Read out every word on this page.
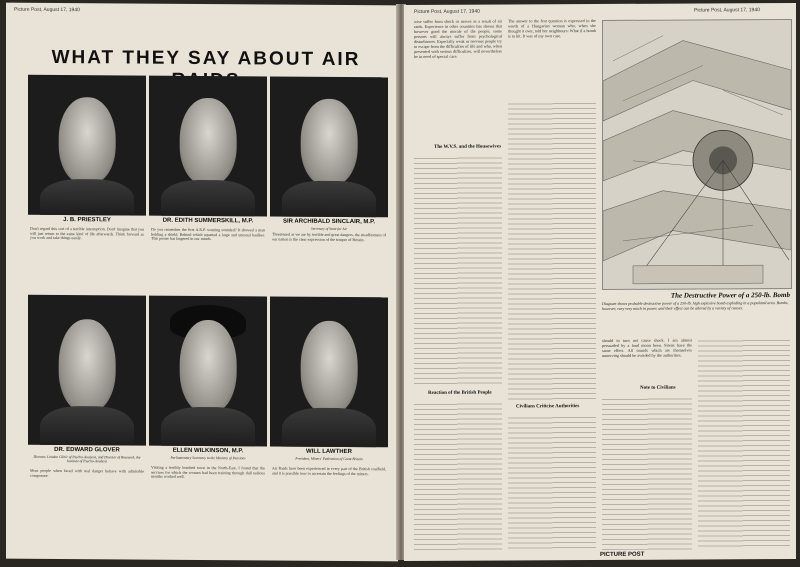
Picture Post, August 17, 1940
WHAT THEY SAY ABOUT AIR
J. B. PRIESTLEY	DR. EDITH SUMMERSKILL, M.P.	SIR ARCHIBALD SINCLAIR, M.P.
Secretary of State for Air
Don't regard this sort of a terrible interruption. Don't imagine that you will just return to the same kind of life afterwards. Think forward as you work and take things easily.
Do you remember the first A.R.P. warning sounded? It showed a man holding a shield. Behind which squatted a large and unusual baulker. This poster has lingered in our minds.
Threatened as we are by terrible and great dangers, the steadfastness of our nation is the clear expression of the temper of Britain.
DR. EDWARD GLOVER	ELLEN WILKINSON, M.P.	WILL LAWTHER
Director, London Clinic of Psycho-Analysis, and Director of Research, the Institute of Psycho-Analysis
Parliamentary Secretary to the Ministry of Pensions	President, Miners' Federation of Great Britain
Most people when faced with real danger behave with admirable composure.
Visiting a terribly bombed town in the North-East, I found that the services for which the women had been training through dull tedious months worked well.
Air Raids have been experienced in every part of the British coalfield, and it is possible now to ascertain the feelings of the miners.
Picture Post, August 17, 1940	Picture Post, August 17, 1940
wise suffer from shock or nerves as a result of air raids. Experience in other countries has shown that however good the morale of the people, some persons will always suffer from psychological disturbances. Especially weak or nervous people try to escape from the difficulties of life and who, when presented with serious difficulties, will nevertheless be in need of special care.
The W.V.S. and the Housewives
Reaction of the British People
The answer to the fear question is expressed in the words of a Hungarian woman who, when she thought it over, told her neighbours: What if a bomb is to hit. It was of my own case.
Civilians Criticise Authorities
The Destructive Power of a 250-lb. Bomb
Diagram shows probable destructive power of a 250-lb. high explosive bomb exploding in a populated area. Bombs, however, vary very much in power, and their effect can be altered by a variety of causes.
should in turn not cause shock. I am almost persuaded by a loud moon been. Sirens have the same effect. All sounds which are themselves unnerving should be avoided by the authorities.
Note to Civilians
PICTURE POST
